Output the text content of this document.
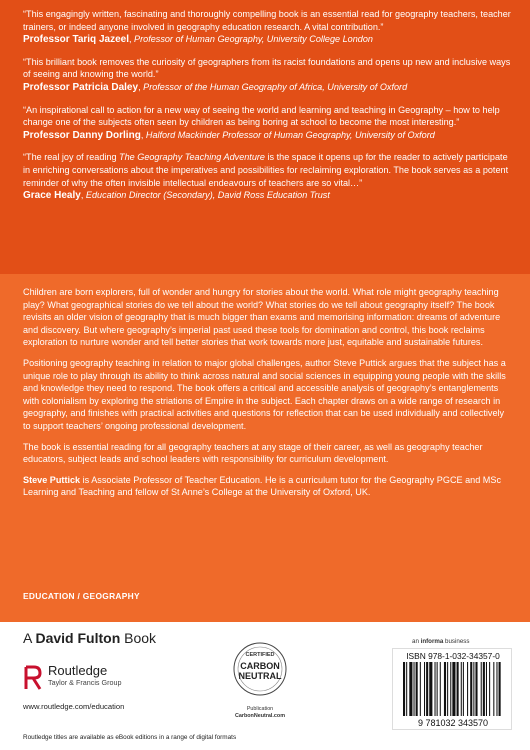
“This engagingly written, fascinating and thoroughly compelling book is an essential read for geography teachers, teacher trainers, or indeed anyone involved in geography education research. A vital contribution.”
Professor Tariq Jazeel, Professor of Human Geography, University College London
“This brilliant book removes the curiosity of geographers from its racist foundations and opens up new and inclusive ways of seeing and knowing the world.”
Professor Patricia Daley, Professor of the Human Geography of Africa, University of Oxford
“An inspirational call to action for a new way of seeing the world and learning and teaching in Geography – how to help change one of the subjects often seen by children as being boring at school to become the most interesting.”
Professor Danny Dorling, Halford Mackinder Professor of Human Geography, University of Oxford
“The real joy of reading The Geography Teaching Adventure is the space it opens up for the reader to actively participate in enriching conversations about the imperatives and possibilities for reclaiming exploration. The book serves as a potent reminder of why the often invisible intellectual endeavours of teachers are so vital…”
Grace Healy, Education Director (Secondary), David Ross Education Trust

Children are born explorers, full of wonder and hungry for stories about the world. What role might geography teaching play? What geographical stories do we tell about the world? What stories do we tell about geography itself? The book revisits an older vision of geography that is much bigger than exams and memorising information: dreams of adventure and discovery. But where geography’s imperial past used these tools for domination and control, this book reclaims exploration to nurture wonder and tell better stories that work towards more just, equitable and sustainable futures.

Positioning geography teaching in relation to major global challenges, author Steve Puttick argues that the subject has a unique role to play through its ability to think across natural and social sciences in equipping young people with the skills and knowledge they need to respond. The book offers a critical and accessible analysis of geography’s entanglements with colonialism by exploring the striations of Empire in the subject. Each chapter draws on a wide range of research in geography, and finishes with practical activities and questions for reflection that can be used individually and collectively to support teachers’ ongoing professional development.

The book is essential reading for all geography teachers at any stage of their career, as well as geography teacher educators, subject leads and school leaders with responsibility for curriculum development.

Steve Puttick is Associate Professor of Teacher Education. He is a curriculum tutor for the Geography PGCE and MSc Learning and Teaching and fellow of St Anne’s College at the University of Oxford, UK.

EDUCATION / GEOGRAPHY
A David Fulton Book
Routledge
Taylor & Francis Group
www.routledge.com/education
Routledge titles are available as eBook editions in a range of digital formats
CERTIFIED
CARBON
NEUTRAL
Publication
CarbonNeutral.com
an informa business
ISBN 978-1-032-34357-0
9 781032 343570
